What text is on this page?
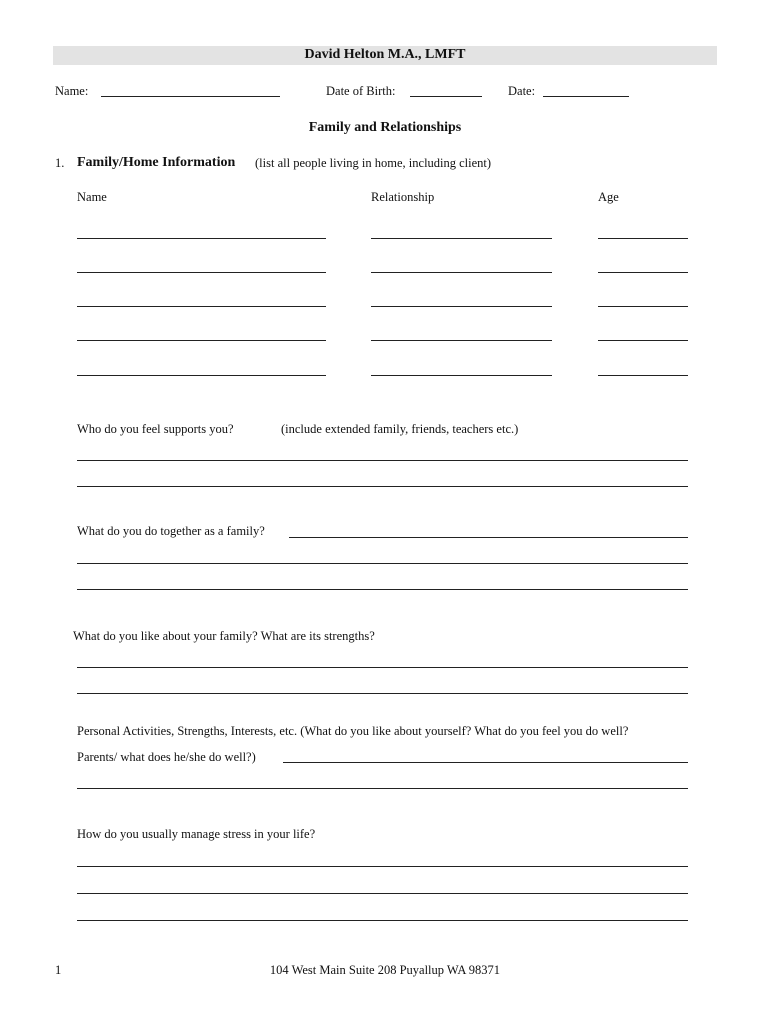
David Helton M.A., LMFT
Name:	Date of Birth:	Date:
Family and Relationships
1. Family/Home Information (list all people living in home, including client)
Name	Relationship	Age
Who do you feel supports you?	(include extended family, friends, teachers etc.)
What do you do together as a family?
What do you like about your family? What are its strengths?
Personal Activities, Strengths, Interests, etc. (What do you like about yourself? What do you feel you do well?
Parents/ what does he/she do well?)
How do you usually manage stress in your life?
1	104 West Main Suite 208 Puyallup WA 98371
